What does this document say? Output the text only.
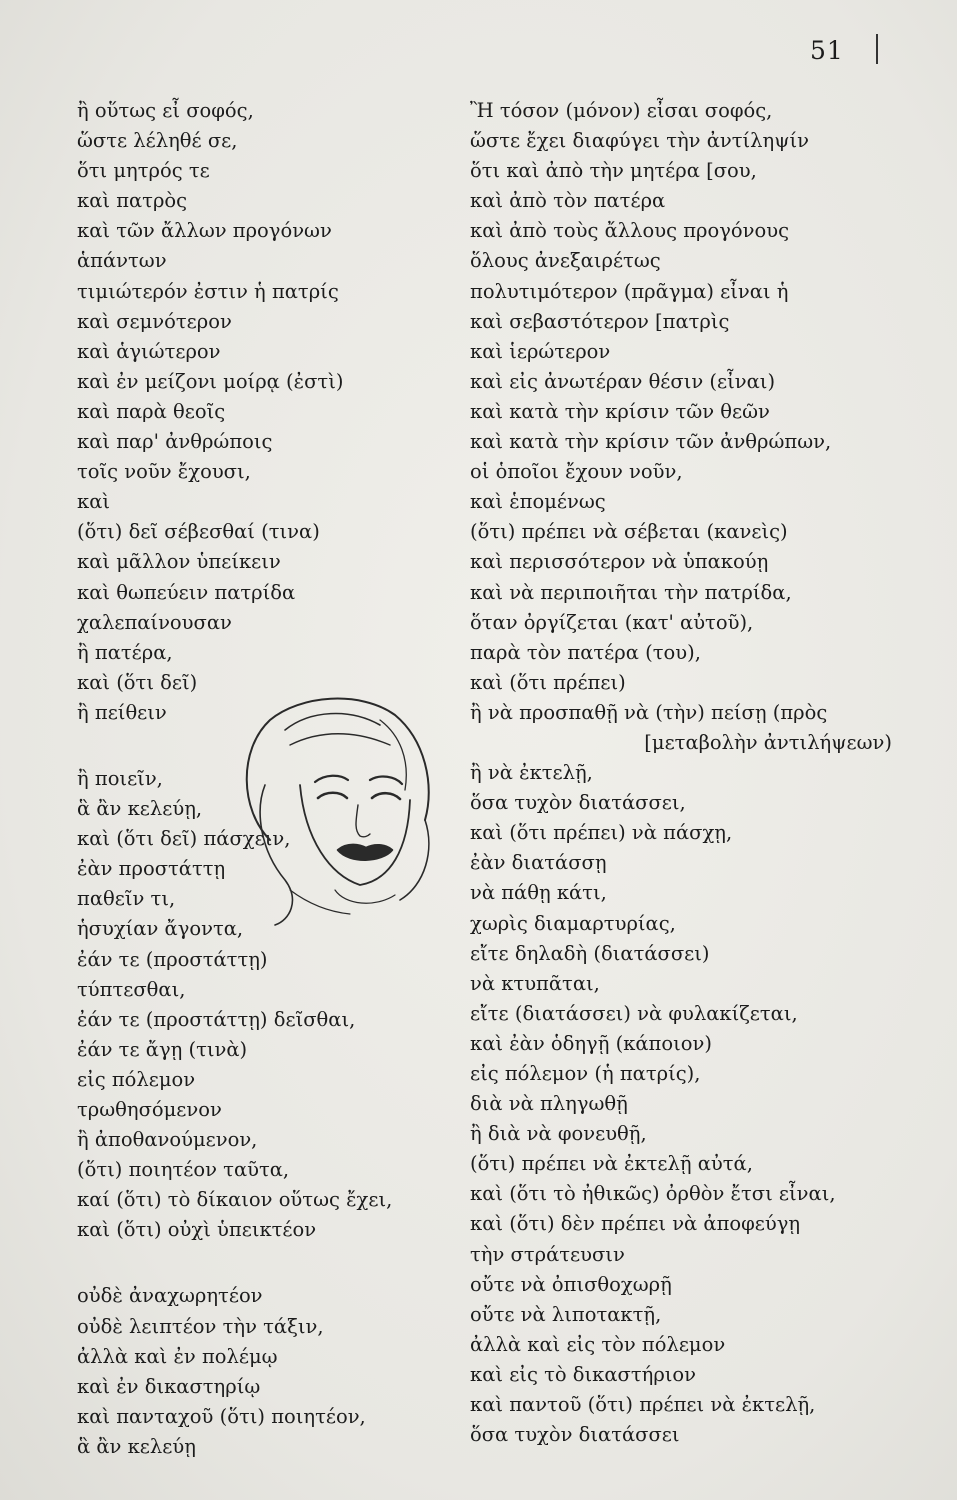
51
ἢ οὕτως εἶ σοφός,
ὥστε λέληθέ σε,
ὅτι μητρός τε
καὶ πατρὸς
καὶ τῶν ἄλλων προγόνων
ἁπάντων
τιμιώτερόν ἐστιν ἡ πατρίς
καὶ σεμνότερον
καὶ ἁγιώτερον
καὶ ἐν μείζονι μοίρᾳ (ἐστὶ)
καὶ παρὰ θεοῖς
καὶ παρ' ἀνθρώποις
τοῖς νοῦν ἔχουσι,
καὶ
(ὅτι) δεῖ σέβεσθαί (τινα)
καὶ μᾶλλον ὑπείκειν
καὶ θωπεύειν πατρίδα
χαλεπαίνουσαν
ἢ πατέρα,
καὶ (ὅτι δεῖ)
ἢ πείθειν
ἢ ποιεῖν,
ἃ ἂν κελεύῃ,
καὶ (ὅτι δεῖ) πάσχειν,
ἐὰν προστάττῃ
παθεῖν τι,
ἡσυχίαν ἄγοντα,
ἐάν τε (προστάττῃ)
τύπτεσθαι,
ἐάν τε (προστάττῃ) δεῖσθαι,
ἐάν τε ἄγῃ (τινὰ)
εἰς πόλεμον
τρωθησόμενον
ἢ ἀποθανούμενον,
(ὅτι) ποιητέον ταῦτα,
καί (ὅτι) τὸ δίκαιον οὕτως ἔχει,
καὶ (ὅτι) οὐχὶ ὑπεικτέον
οὐδὲ ἀναχωρητέον
οὐδὲ λειπτέον τὴν τάξιν,
ἀλλὰ καὶ ἐν πολέμῳ
καὶ ἐν δικαστηρίῳ
καὶ πανταχοῦ (ὅτι) ποιητέον,
ἃ ἂν κελεύῃ
Ἢ τόσον (μόνον) εἶσαι σοφός,
ὥστε ἔχει διαφύγει τὴν ἀντίληψίν
ὅτι καὶ ἀπὸ τὴν μητέρα [σου,
καὶ ἀπὸ τὸν πατέρα
καὶ ἀπὸ τοὺς ἄλλους προγόνους
ὅλους ἀνεξαιρέτως
πολυτιμότερον (πρᾶγμα) εἶναι ἡ
καὶ σεβαστότερον [πατρὶς
καὶ ἱερώτερον
καὶ εἰς ἀνωτέραν θέσιν (εἶναι)
καὶ κατὰ τὴν κρίσιν τῶν θεῶν
καὶ κατὰ τὴν κρίσιν τῶν ἀνθρώπων,
οἱ ὁποῖοι ἔχουν νοῦν,
καὶ ἑπομένως
(ὅτι) πρέπει νὰ σέβεται (κανεὶς)
καὶ περισσότερον νὰ ὑπακούῃ
καὶ νὰ περιποιῆται τὴν πατρίδα,
ὅταν ὀργίζεται (κατ' αὐτοῦ),
παρὰ τὸν πατέρα (του),
καὶ (ὅτι πρέπει)
ἢ νὰ προσπαθῇ νὰ (τὴν) πείσῃ (πρὸς
[μεταβολὴν ἀντιλήψεων)
ἢ νὰ ἐκτελῇ,
ὅσα τυχὸν διατάσσει,
καὶ (ὅτι πρέπει) νὰ πάσχῃ,
ἐὰν διατάσσῃ
νὰ πάθῃ κάτι,
χωρὶς διαμαρτυρίας,
εἴτε δηλαδὴ (διατάσσει)
νὰ κτυπᾶται,
εἴτε (διατάσσει) νὰ φυλακίζεται,
καὶ ἐὰν ὁδηγῇ (κάποιον)
εἰς πόλεμον (ἡ πατρίς),
διὰ νὰ πληγωθῇ
ἢ διὰ νὰ φονευθῇ,
(ὅτι) πρέπει νὰ ἐκτελῇ αὐτά,
καὶ (ὅτι τὸ ἠθικῶς) ὀρθὸν ἔτσι εἶναι,
καὶ (ὅτι) δὲν πρέπει νὰ ἀποφεύγῃ
τὴν στράτευσιν
οὔτε νὰ ὀπισθοχωρῇ
οὔτε νὰ λιποτακτῇ,
ἀλλὰ καὶ εἰς τὸν πόλεμον
καὶ εἰς τὸ δικαστήριον
καὶ παντοῦ (ὅτι) πρέπει νὰ ἐκτελῇ,
ὅσα τυχὸν διατάσσει
